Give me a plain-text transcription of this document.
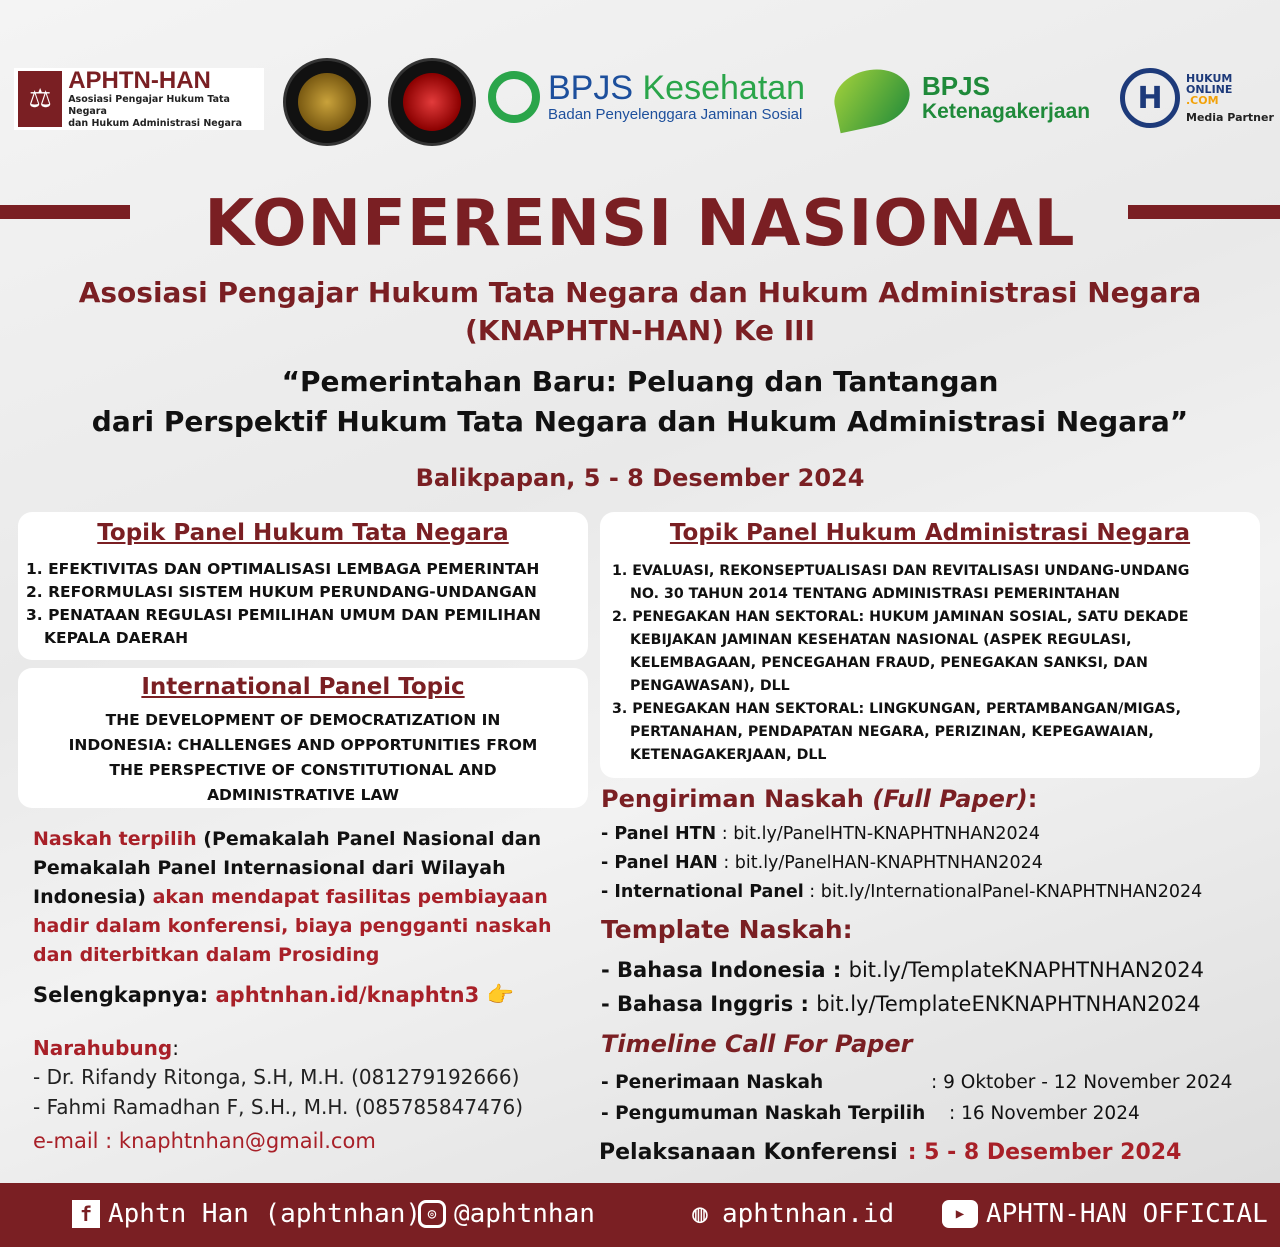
⚖
APHTN-HAN
Asosiasi Pengajar Hukum Tata Negara
dan Hukum Administrasi Negara
BPJS Kesehatan
Badan Penyelenggara Jaminan Sosial
BPJS
Ketenagakerjaan	H
HUKUM
ONLINE
.COM
Media Partner
KONFERENSI NASIONAL
Asosiasi Pengajar Hukum Tata Negara dan Hukum Administrasi Negara
(KNAPHTN-HAN) Ke III
“Pemerintahan Baru: Peluang dan Tantangan
dari Perspektif Hukum Tata Negara dan Hukum Administrasi Negara”
Balikpapan, 5 - 8 Desember 2024
Topik Panel Hukum Tata Negara
1. EFEKTIVITAS DAN OPTIMALISASI LEMBAGA PEMERINTAH
2. REFORMULASI SISTEM HUKUM PERUNDANG-UNDANGAN
3. PENATAAN REGULASI PEMILIHAN UMUM DAN PEMILIHAN
KEPALA DAERAH
International Panel Topic
THE DEVELOPMENT OF DEMOCRATIZATION IN
INDONESIA: CHALLENGES AND OPPORTUNITIES FROM
THE PERSPECTIVE OF CONSTITUTIONAL AND
ADMINISTRATIVE LAW
Topik Panel Hukum Administrasi Negara
1. EVALUASI, REKONSEPTUALISASI DAN REVITALISASI UNDANG-UNDANG
NO. 30 TAHUN 2014 TENTANG ADMINISTRASI PEMERINTAHAN
2. PENEGAKAN HAN SEKTORAL: HUKUM JAMINAN SOSIAL, SATU DEKADE
KEBIJAKAN JAMINAN KESEHATAN NASIONAL (ASPEK REGULASI,
KELEMBAGAAN, PENCEGAHAN FRAUD, PENEGAKAN SANKSI, DAN
PENGAWASAN), DLL
3. PENEGAKAN HAN SEKTORAL: LINGKUNGAN, PERTAMBANGAN/MIGAS,
PERTANAHAN, PENDAPATAN NEGARA, PERIZINAN, KEPEGAWAIAN,
KETENAGAKERJAAN, DLL
Naskah terpilih (Pemakalah Panel Nasional dan
Pemakalah Panel Internasional dari Wilayah
Indonesia) akan mendapat fasilitas pembiayaan
hadir dalam konferensi, biaya pengganti naskah
dan diterbitkan dalam Prosiding
Selengkapnya: aphtnhan.id/knaphtn3 👉
Narahubung:
- Dr. Rifandy Ritonga, S.H, M.H. (081279192666)
- Fahmi Ramadhan F, S.H., M.H. (085785847476)
e-mail : knaphtnhan@gmail.com
Pengiriman Naskah (Full Paper):
- Panel HTN : bit.ly/PanelHTN-KNAPHTNHAN2024
- Panel HAN : bit.ly/PanelHAN-KNAPHTNHAN2024
- International Panel : bit.ly/InternationalPanel-KNAPHTNHAN2024
Template Naskah:
- Bahasa Indonesia : bit.ly/TemplateKNAPHTNHAN2024
- Bahasa Inggris : bit.ly/TemplateENKNAPHTNHAN2024
Timeline Call For Paper
- Penerimaan Naskah	: 9 Oktober - 12 November 2024
- Pengumuman Naskah Terpilih : 16 November 2024
Pelaksanaan Konferensi : 5 - 8 Desember 2024
f Aphtn Han (aphtnhan) ◎ @aphtnhan	◍ aphtnhan.id	▶ APHTN-HAN OFFICIAL
